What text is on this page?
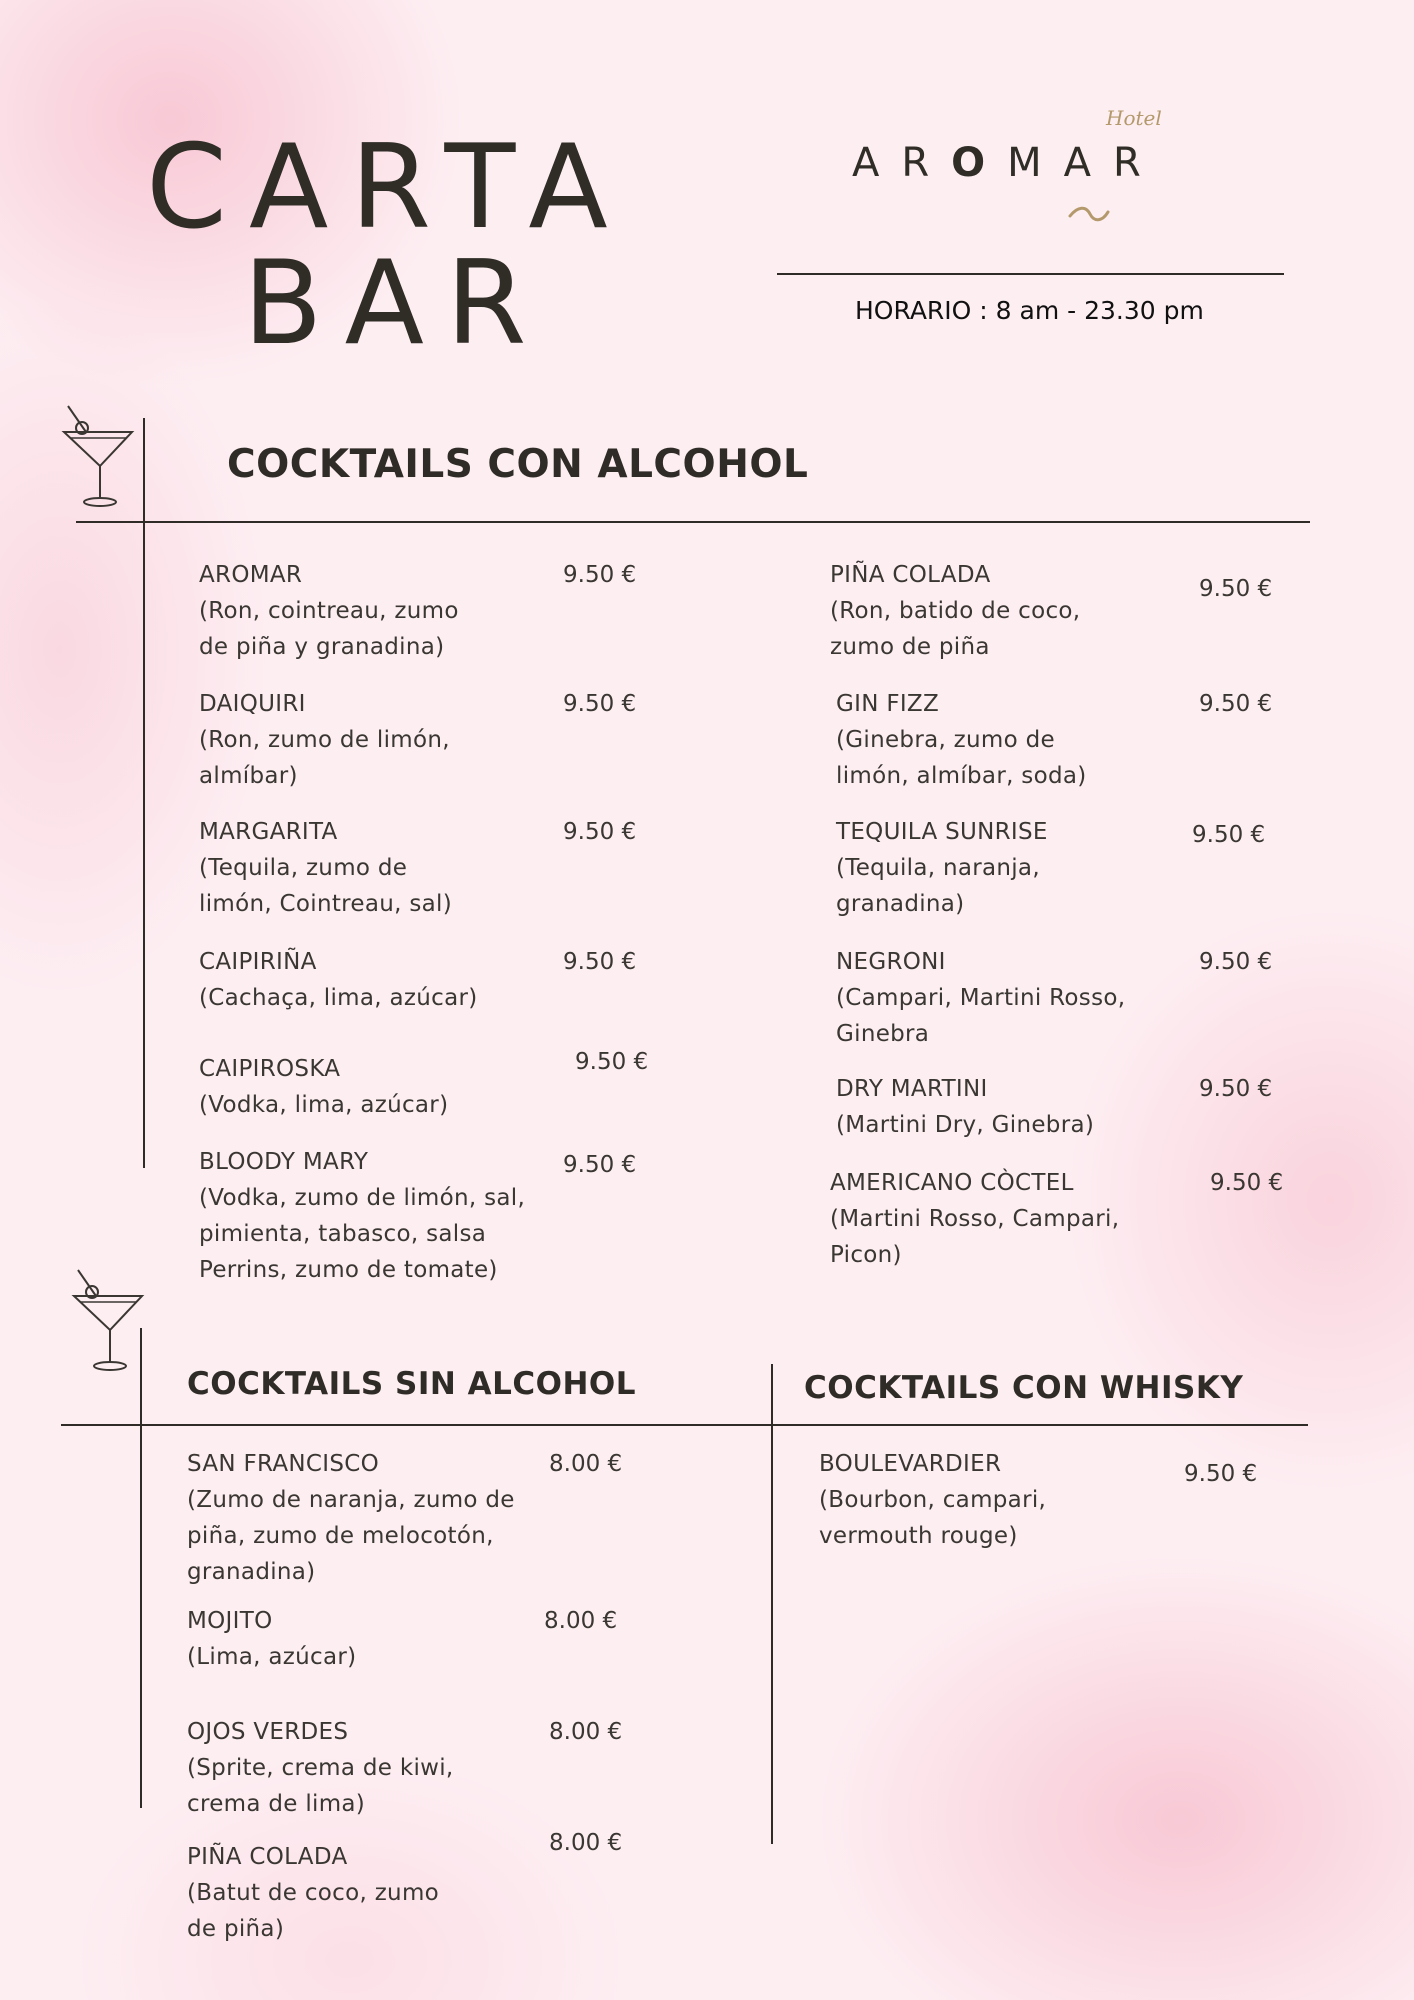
CARTA
BAR
Hotel
AROMAR
HORARIO : 8 am - 23.30 pm
COCKTAILS CON ALCOHOL
AROMAR
(Ron, cointreau, zumo
de piña y granadina)
9.50 €
DAIQUIRI
(Ron, zumo de limón,
almíbar)
9.50 €
MARGARITA
(Tequila, zumo de
limón, Cointreau, sal)
9.50 €
CAIPIRIÑA
(Cachaça, lima, azúcar)
9.50 €
CAIPIROSKA
(Vodka, lima, azúcar)
9.50 €
BLOODY MARY
(Vodka, zumo de limón, sal,
pimienta, tabasco, salsa
Perrins, zumo de tomate)
9.50 €
PIÑA COLADA
(Ron, batido de coco,
zumo de piña
9.50 €
GIN FIZZ
(Ginebra, zumo de
limón, almíbar, soda)
9.50 €
TEQUILA SUNRISE
(Tequila, naranja,
granadina)
9.50 €
NEGRONI
(Campari, Martini Rosso,
Ginebra
9.50 €
DRY MARTINI
(Martini Dry, Ginebra)
9.50 €
AMERICANO CÒCTEL
(Martini Rosso, Campari,
Picon)
9.50 €
COCKTAILS SIN ALCOHOL	COCKTAILS CON WHISKY
SAN FRANCISCO
(Zumo de naranja, zumo de
piña, zumo de melocotón,
granadina)
8.00 €
MOJITO
(Lima, azúcar)
8.00 €
OJOS VERDES
(Sprite, crema de kiwi,
crema de lima)
8.00 €
PIÑA COLADA
(Batut de coco, zumo
de piña)
8.00 €
BOULEVARDIER
(Bourbon, campari,
vermouth rouge)
9.50 €
